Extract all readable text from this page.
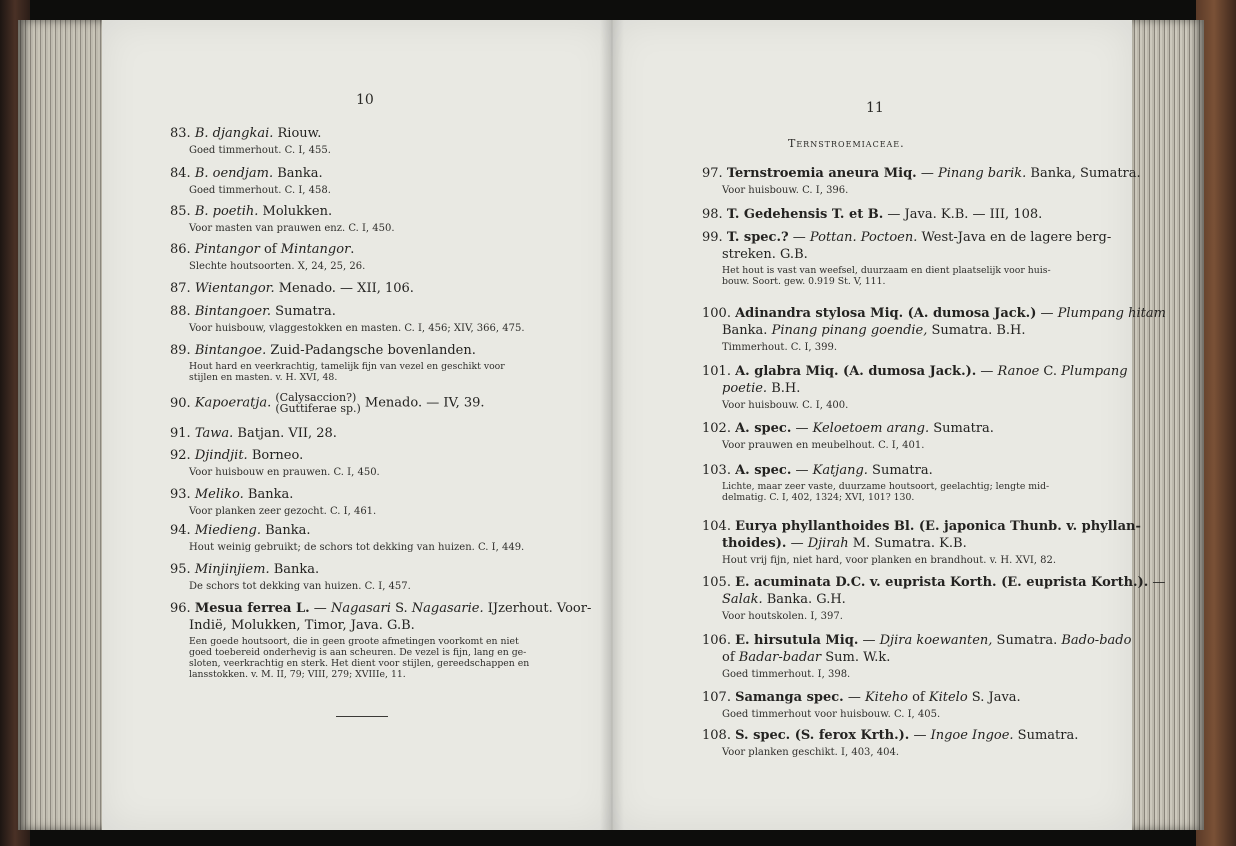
10	11
Ternstroemiaceae.
83. B. djangkai. Riouw.
Goed timmerhout. C. I, 455.
84. B. oendjam. Banka.
Goed timmerhout. C. I, 458.
85. B. poetih. Molukken.
Voor masten van prauwen enz. C. I, 450.
86. Pintangor of Mintangor.
Slechte houtsoorten. X, 24, 25, 26.
87. Wientangor. Menado. — XII, 106.
88. Bintangoer. Sumatra.
Voor huisbouw, vlaggestokken en masten. C. I, 456; XIV, 366, 475.
89. Bintangoe. Zuid-Padangsche bovenlanden.
Hout hard en veerkrachtig, tamelijk fijn van vezel en geschikt voor
stijlen en masten. v. H. XVI, 48.
90. Kapoeratja. (Calysaccion?)
(Guttiferae sp.) Menado. — IV, 39.
91. Tawa. Batjan. VII, 28.
92. Djindjit. Borneo.
Voor huisbouw en prauwen. C. I, 450.
93. Meliko. Banka.
Voor planken zeer gezocht. C. I, 461.
94. Miedieng. Banka.
Hout weinig gebruikt; de schors tot dekking van huizen. C. I, 449.
95. Minjinjiem. Banka.
De schors tot dekking van huizen. C. I, 457.
96. Mesua ferrea L. — Nagasari S. Nagasarie. IJzerhout. Voor-
Indië, Molukken, Timor, Java. G.B.
Een goede houtsoort, die in geen groote afmetingen voorkomt en niet
goed toebereid onderhevig is aan scheuren. De vezel is fijn, lang en ge-
sloten, veerkrachtig en sterk. Het dient voor stijlen, gereedschappen en
lansstokken. v. M. II, 79; VIII, 279; XVIIIe, 11.
97. Ternstroemia aneura Miq. — Pinang barik. Banka, Sumatra.
Voor huisbouw. C. I, 396.
98. T. Gedehensis T. et B. — Java. K.B. — III, 108.
99. T. spec.? — Pottan. Poctoen. West-Java en de lagere berg-
streken. G.B.
Het hout is vast van weefsel, duurzaam en dient plaatselijk voor huis-
bouw. Soort. gew. 0.919 St. V, 111.
100. Adinandra stylosa Miq. (A. dumosa Jack.) — Plumpang hitam
Banka. Pinang pinang goendie, Sumatra. B.H.
Timmerhout. C. I, 399.
101. A. glabra Miq. (A. dumosa Jack.). — Ranoe C. Plumpang
poetie. B.H.
Voor huisbouw. C. I, 400.
102. A. spec. — Keloetoem arang. Sumatra.
Voor prauwen en meubelhout. C. I, 401.
103. A. spec. — Katjang. Sumatra.
Lichte, maar zeer vaste, duurzame houtsoort, geelachtig; lengte mid-
delmatig. C. I, 402, 1324; XVI, 101? 130.
104. Eurya phyllanthoides Bl. (E. japonica Thunb. v. phyllan-
thoides). — Djirah M. Sumatra. K.B.
Hout vrij fijn, niet hard, voor planken en brandhout. v. H. XVI, 82.
105. E. acuminata D.C. v. euprista Korth. (E. euprista Korth.). —
Salak. Banka. G.H.
Voor houtskolen. I, 397.
106. E. hirsutula Miq. — Djira koewanten, Sumatra. Bado-bado
of Badar-badar Sum. W.k.
Goed timmerhout. I, 398.
107. Samanga spec. — Kiteho of Kitelo S. Java.
Goed timmerhout voor huisbouw. C. I, 405.
108. S. spec. (S. ferox Krth.). — Ingoe Ingoe. Sumatra.
Voor planken geschikt. I, 403, 404.
